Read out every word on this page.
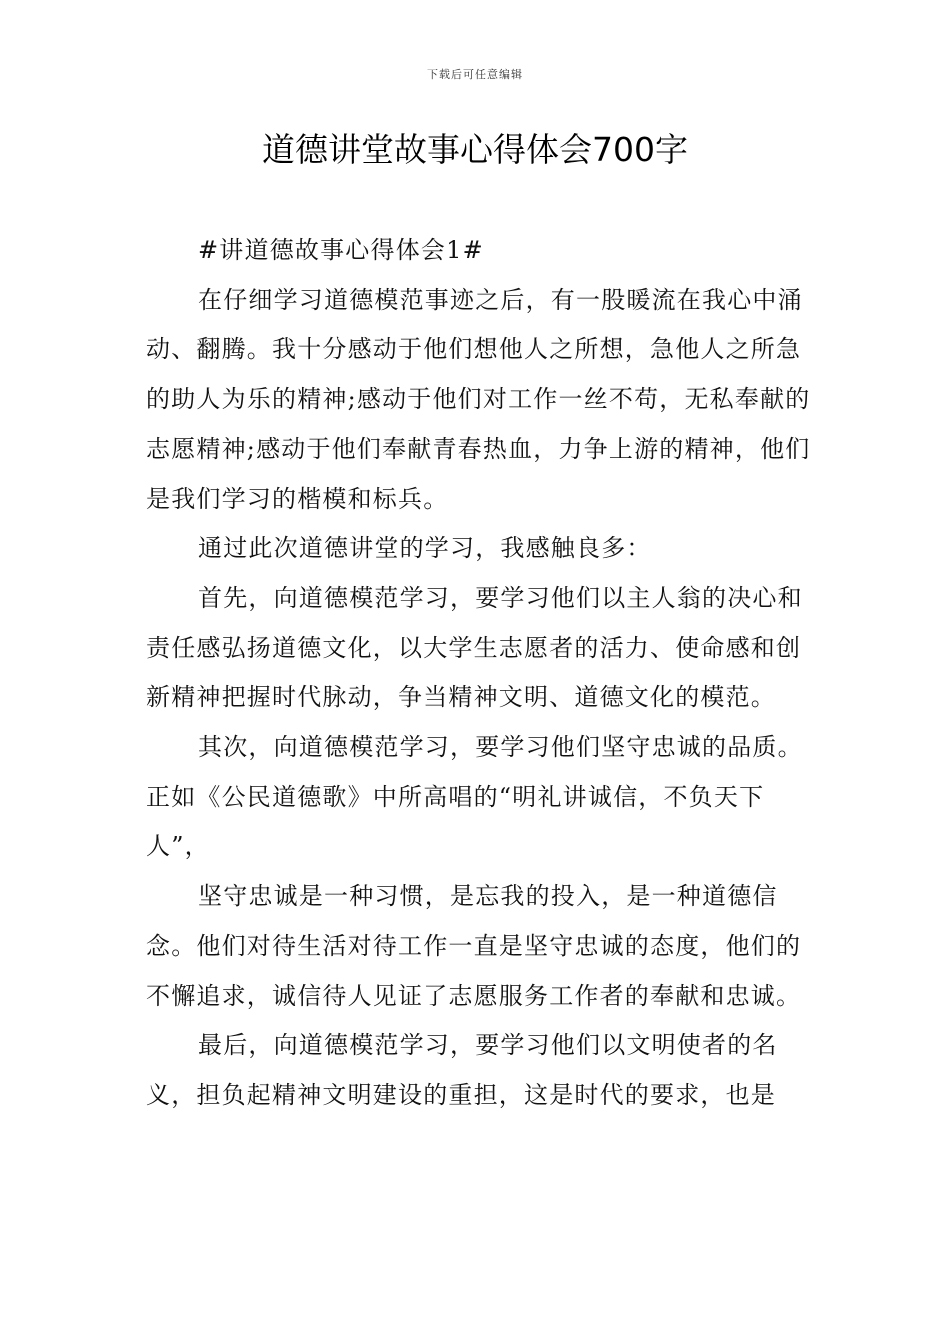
下载后可任意编辑
道德讲堂故事心得体会700字

#讲道德故事心得体会1#

在仔细学习道德模范事迹之后，有一股暖流在我心中涌动、翻腾。我十分感动于他们想他人之所想，急他人之所急的助人为乐的精神;感动于他们对工作一丝不苟，无私奉献的志愿精神;感动于他们奉献青春热血，力争上游的精神，他们是我们学习的楷模和标兵。

通过此次道德讲堂的学习，我感触良多：

首先，向道德模范学习，要学习他们以主人翁的决心和责任感弘扬道德文化，以大学生志愿者的活力、使命感和创新精神把握时代脉动，争当精神文明、道德文化的模范。

其次，向道德模范学习，要学习他们坚守忠诚的品质。正如《公民道德歌》中所高唱的“明礼讲诚信，不负天下人”，

坚守忠诚是一种习惯，是忘我的投入，是一种道德信念。他们对待生活对待工作一直是坚守忠诚的态度，他们的不懈追求，诚信待人见证了志愿服务工作者的奉献和忠诚。

最后，向道德模范学习，要学习他们以文明使者的名义，担负起精神文明建设的重担，这是时代的要求，也是
